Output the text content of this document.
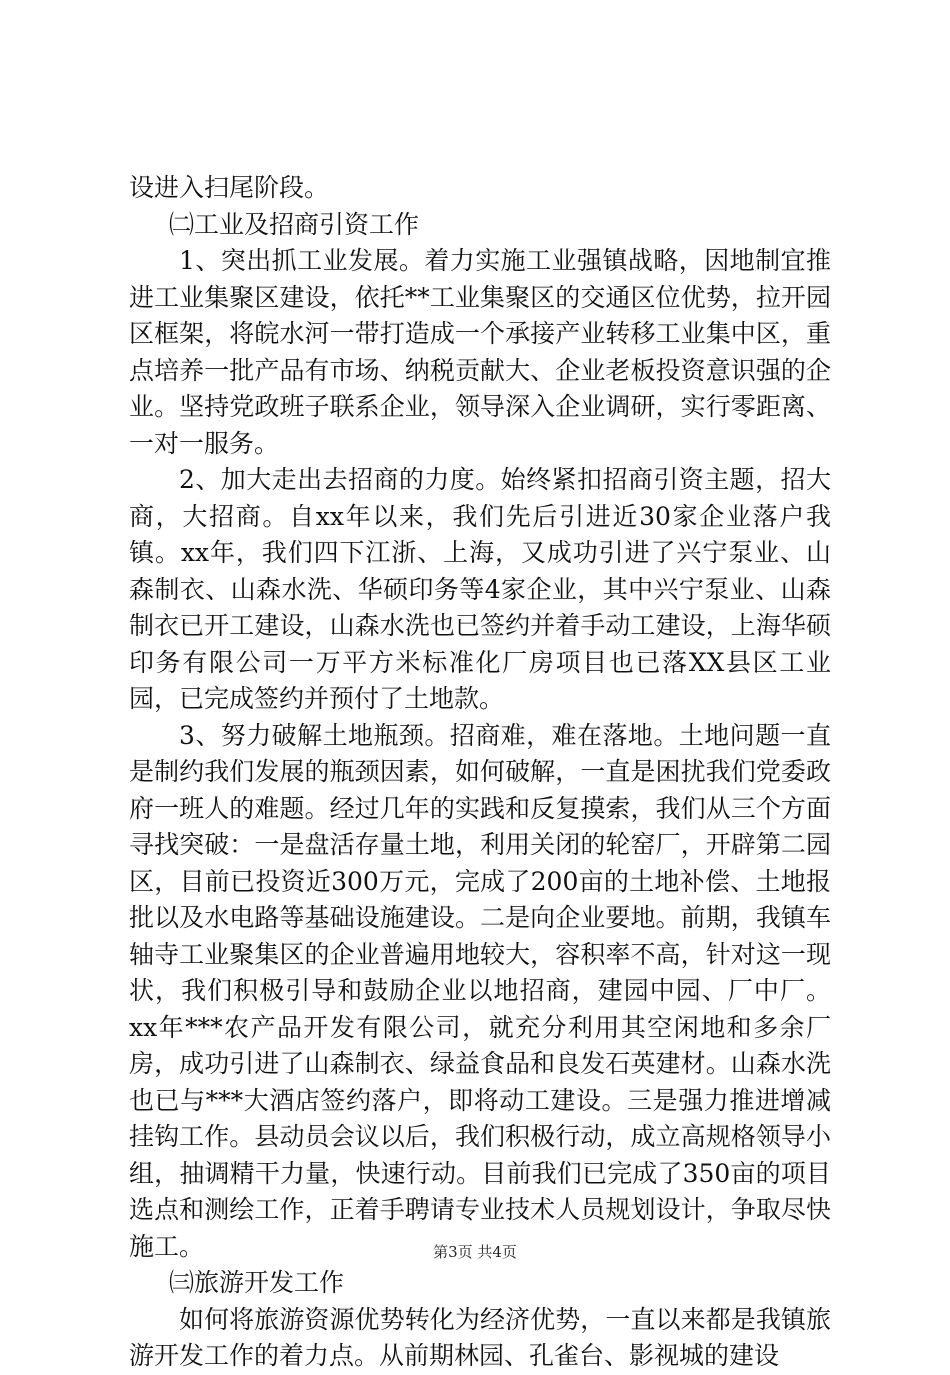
设进入扫尾阶段。

㈡工业及招商引资工作

1、突出抓工业发展。着力实施工业强镇战略，因地制宜推进工业集聚区建设，依托**工业集聚区的交通区位优势，拉开园区框架，将皖水河一带打造成一个承接产业转移工业集中区，重点培养一批产品有市场、纳税贡献大、企业老板投资意识强的企业。坚持党政班子联系企业，领导深入企业调研，实行零距离、一对一服务。

2、加大走出去招商的力度。始终紧扣招商引资主题，招大商，大招商。自xx年以来，我们先后引进近30家企业落户我镇。xx年，我们四下江浙、上海，又成功引进了兴宁泵业、山森制衣、山森水洗、华硕印务等4家企业，其中兴宁泵业、山森制衣已开工建设，山森水洗也已签约并着手动工建设，上海华硕印务有限公司一万平方米标准化厂房项目也已落XX县区工业园，已完成签约并预付了土地款。

3、努力破解土地瓶颈。招商难，难在落地。土地问题一直是制约我们发展的瓶颈因素，如何破解，一直是困扰我们党委政府一班人的难题。经过几年的实践和反复摸索，我们从三个方面寻找突破：一是盘活存量土地，利用关闭的轮窑厂，开辟第二园区，目前已投资近300万元，完成了200亩的土地补偿、土地报批以及水电路等基础设施建设。二是向企业要地。前期，我镇车轴寺工业聚集区的企业普遍用地较大，容积率不高，针对这一现状，我们积极引导和鼓励企业以地招商，建园中园、厂中厂。xx年***农产品开发有限公司，就充分利用其空闲地和多余厂房，成功引进了山森制衣、绿益食品和良发石英建材。山森水洗也已与***大酒店签约落户，即将动工建设。三是强力推进增减挂钩工作。县动员会议以后，我们积极行动，成立高规格领导小组，抽调精干力量，快速行动。目前我们已完成了350亩的项目选点和测绘工作，正着手聘请专业技术人员规划设计，争取尽快施工。

㈢旅游开发工作

如何将旅游资源优势转化为经济优势，一直以来都是我镇旅游开发工作的着力点。从前期林园、孔雀台、影视城的建设

第3页 共4页
